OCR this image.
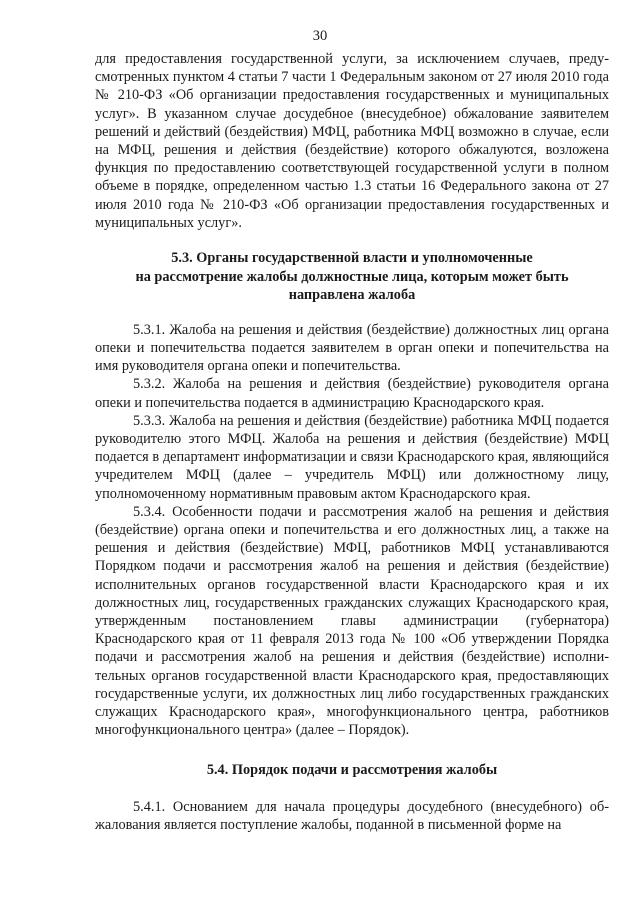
30

для предоставления государственной услуги, за исключением случаев, предусмотренных пунктом 4 статьи 7 части 1 Федеральным законом от 27 июля 2010 года № 210-ФЗ «Об организации предоставления государственных и муниципальных услуг». В указанном случае досудебное (внесудебное) обжалование заявителем решений и действий (бездействия) МФЦ, работника МФЦ возможно в случае, если на МФЦ, решения и действия (бездействие) которого обжалуются, возложена функция по предоставлению соответствующей государственной услуги в полном объеме в порядке, определенном частью 1.3 статьи 16 Федерального закона от 27 июля 2010 года № 210-ФЗ «Об организации предоставления государственных и муниципальных услуг».

5.3. Органы государственной власти и уполномоченные
на рассмотрение жалобы должностные лица, которым может быть
направлена жалоба

5.3.1. Жалоба на решения и действия (бездействие) должностных лиц органа опеки и попечительства подается заявителем в орган опеки и попечительства на имя руководителя органа опеки и попечительства.

5.3.2. Жалоба на решения и действия (бездействие) руководителя органа опеки и попечительства подается в администрацию Краснодарского края.

5.3.3. Жалоба на решения и действия (бездействие) работника МФЦ подается руководителю этого МФЦ. Жалоба на решения и действия (бездействие) МФЦ подается в департамент информатизации и связи Краснодарского края, являющийся учредителем МФЦ (далее – учредитель МФЦ) или должностному лицу, уполномоченному нормативным правовым актом Краснодарского края.

5.3.4. Особенности подачи и рассмотрения жалоб на решения и действия (бездействие) органа опеки и попечительства и его должностных лиц, а также на решения и действия (бездействие) МФЦ, работников МФЦ устанавливаются Порядком подачи и рассмотрения жалоб на решения и действия (бездействие) исполнительных органов государственной власти Краснодарского края и их должностных лиц, государственных гражданских служащих Краснодарского края, утвержденным постановлением главы администрации (губернатора) Краснодарского края от 11 февраля 2013 года № 100 «Об утверждении Порядка подачи и рассмотрения жалоб на решения и действия (бездействие) исполнительных органов государственной власти Краснодарского края, предоставляющих государственные услуги, их должностных лиц либо государственных гражданских служащих Краснодарского края», многофункционального центра, работников многофункционального центра» (далее – Порядок).

5.4. Порядок подачи и рассмотрения жалобы

5.4.1. Основанием для начала процедуры досудебного (внесудебного) обжалования является поступление жалобы, поданной в письменной форме на
